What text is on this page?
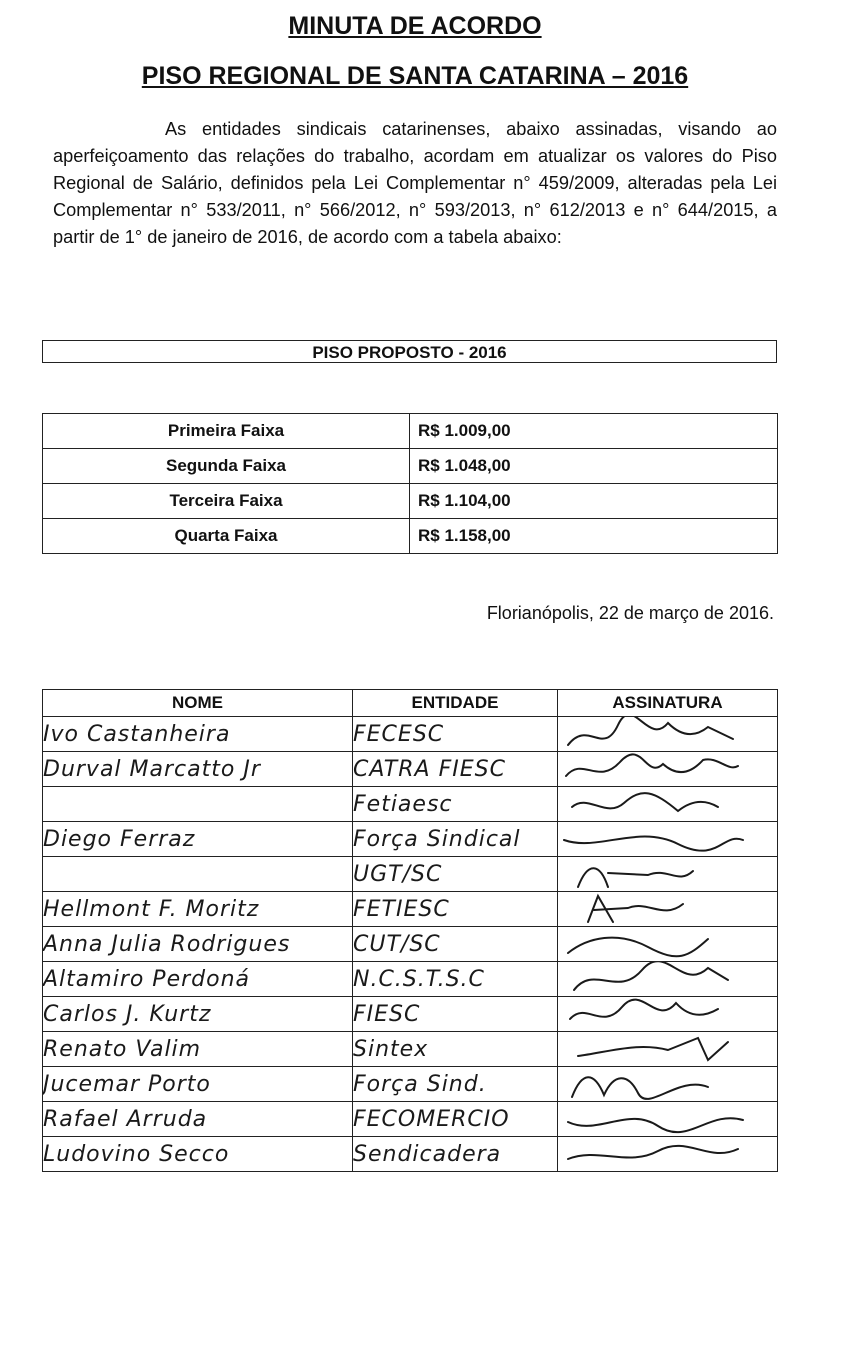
MINUTA DE ACORDO
PISO REGIONAL DE SANTA CATARINA – 2016

As entidades sindicais catarinenses, abaixo assinadas, visando ao aperfeiçoamento das relações do trabalho, acordam em atualizar os valores do Piso Regional de Salário, definidos pela Lei Complementar n° 459/2009, alteradas pela Lei Complementar n° 533/2011, n° 566/2012, n° 593/2013, n° 612/2013 e n° 644/2015, a partir de 1° de janeiro de 2016, de acordo com a tabela abaixo:

PISO PROPOSTO - 2016
Primeira Faixa	R$ 1.009,00
Segunda Faixa	R$ 1.048,00
Terceira Faixa	R$ 1.104,00
Quarta Faixa	R$ 1.158,00

Florianópolis, 22 de março de 2016.

NOME	ENTIDADE	ASSINATURA
Ivo Castanheira	FECESC	

Durval Marcatto Jr	CATRA FIESC	

	Fetiaesc	

Diego Ferraz	Força Sindical	

	UGT/SC	

Hellmont F. Moritz	FETIESC	

Anna Julia Rodrigues	CUT/SC	

Altamiro Perdoná	N.C.S.T.S.C	

Carlos J. Kurtz	FIESC	

Renato Valim	Sintex	

Jucemar Porto	Força Sind.	

Rafael Arruda	FECOMERCIO	

Ludovino Secco	Sendicadera	
